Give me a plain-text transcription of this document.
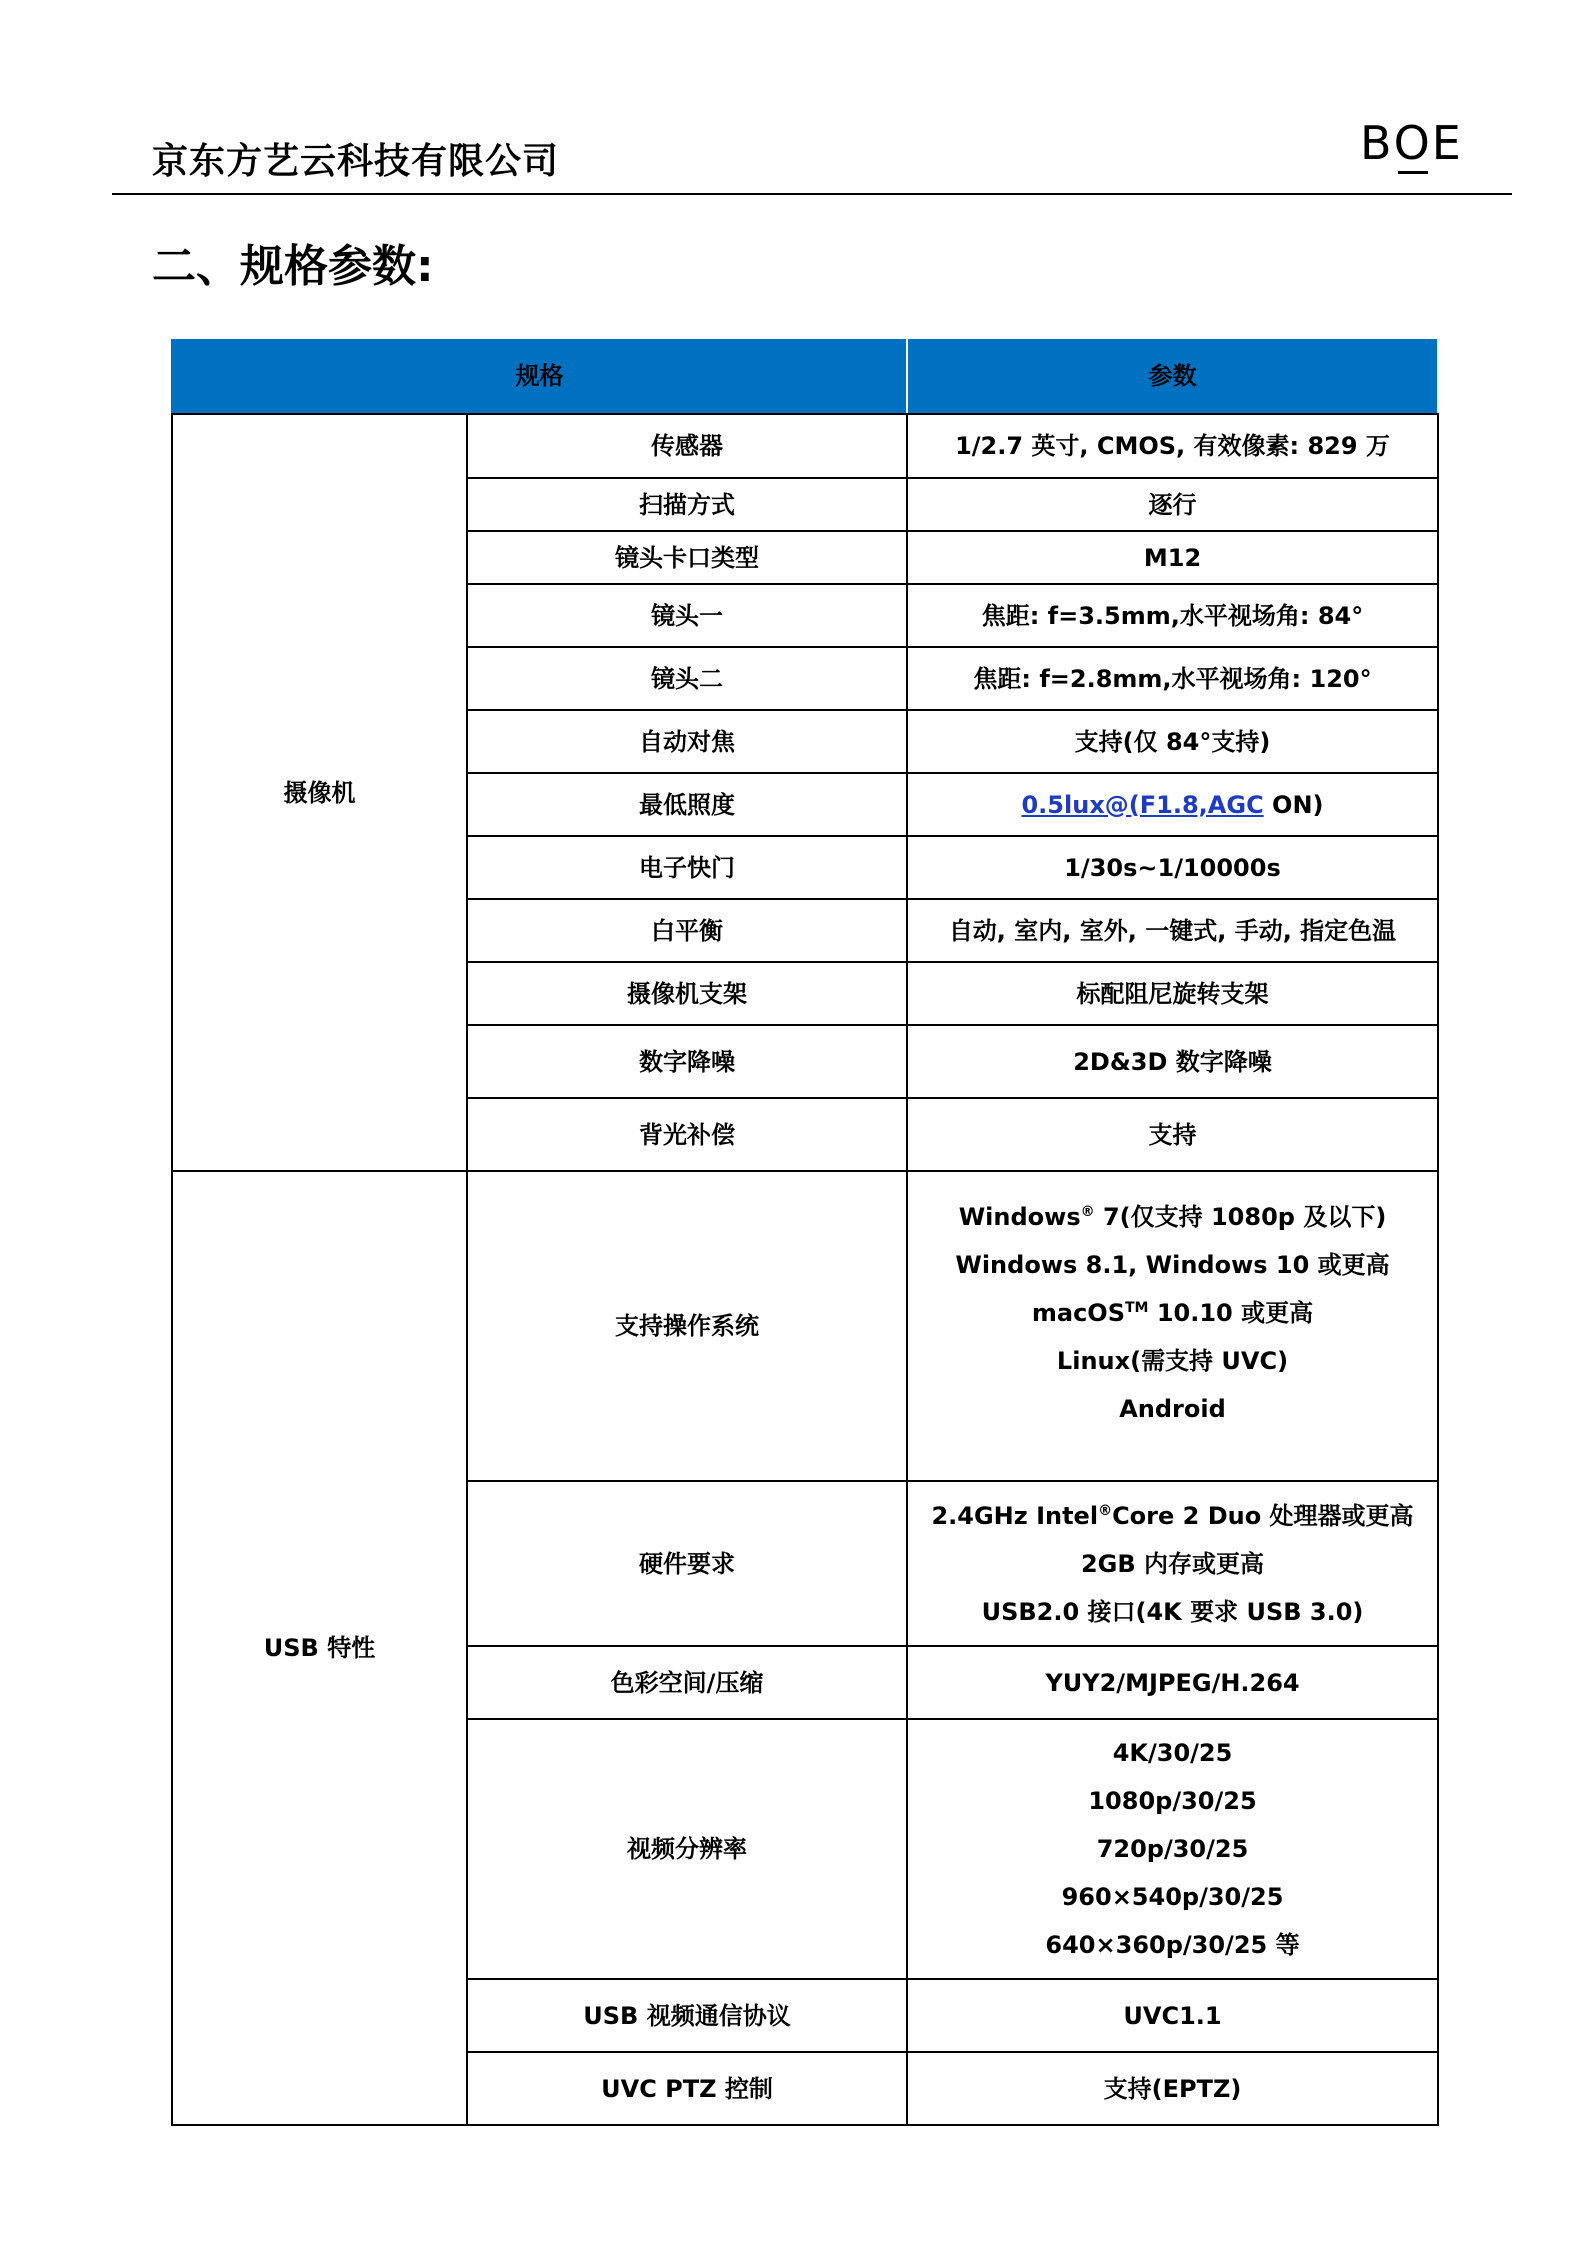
京东方艺云科技有限公司	BOE
二、规格参数:
规格		参数
摄像机	传感器	1/2.7 英寸, CMOS, 有效像素: 829 万
	扫描方式	逐行
	镜头卡口类型	M12
	镜头一	焦距: f=3.5mm,水平视场角: 84°
	镜头二	焦距: f=2.8mm,水平视场角: 120°
	自动对焦	支持(仅 84°支持)
	最低照度	0.5lux@(F1.8,AGC ON)
	电子快门	1/30s~1/10000s
	白平衡	自动, 室内, 室外, 一键式, 手动, 指定色温
	摄像机支架	标配阻尼旋转支架
	数字降噪	2D&3D 数字降噪
	背光补偿	支持
USB 特性	支持操作系统	Windows® 7(仅支持 1080p 及以下)
Windows 8.1, Windows 10 或更高
macOS™ 10.10 或更高
Linux(需支持 UVC)
Android

	硬件要求	2.4GHz Intel®Core 2 Duo 处理器或更高
2GB 内存或更高
USB2.0 接口(4K 要求 USB 3.0)

	色彩空间/压缩	YUY2/MJPEG/H.264
	视频分辨率	4K/30/25
1080p/30/25
720p/30/25
960×540p/30/25
640×360p/30/25 等

	USB 视频通信协议	UVC1.1
	UVC PTZ 控制	支持(EPTZ)
